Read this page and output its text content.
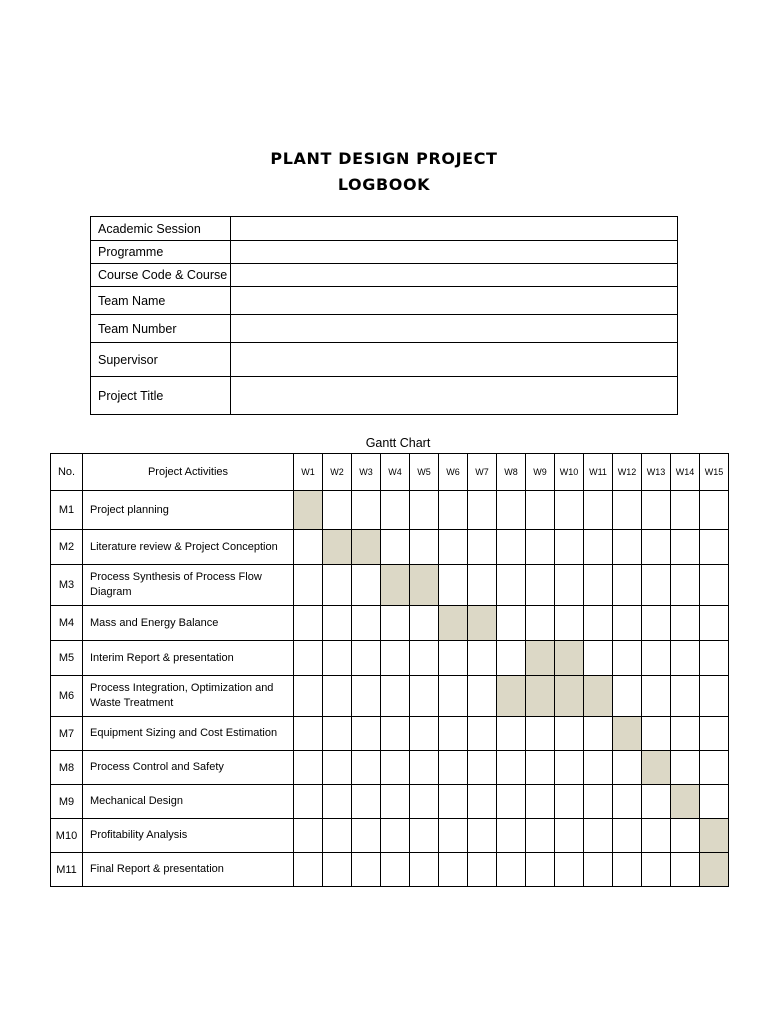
PLANT DESIGN PROJECT
LOGBOOK
Academic Session	
Programme	
Course Code & Course	
Team Name	
Team Number	
Supervisor	
Project Title	
Gantt Chart
No.	Project Activities	W1	W2	W3	W4	W5	W6	W7	W8	W9	W10	W11	W12	W13	W14	W15
M1	Project planning															
M2	Literature review & Project Conception															
M3	Process Synthesis of Process Flow Diagram															
M4	Mass and Energy Balance															
M5	Interim Report & presentation															
M6	Process Integration, Optimization and Waste Treatment															
M7	Equipment Sizing and Cost Estimation															
M8	Process Control and Safety															
M9	Mechanical Design															
M10	Profitability Analysis															
M11	Final Report & presentation															
